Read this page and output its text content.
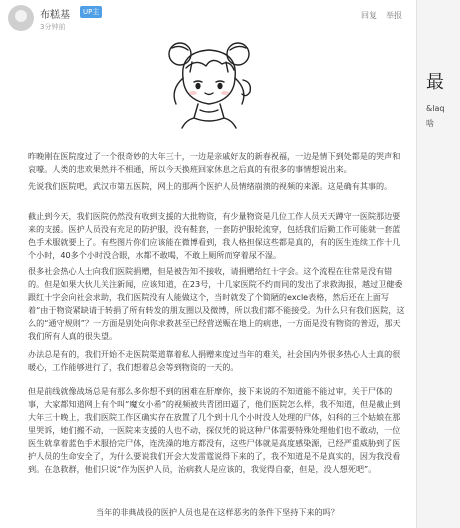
布糕基	UP主
3分钟前
回复 举报

昨晚刚在医院度过了一个很奇妙的大年三十，一边是亲戚好友的新春祝福，一边是情下到处都是的哭声和哀嚎。人类的悲欢果然并不相通，所以今天换班回家休息之后真的有很多的事情想说出来。

先说我们医院吧，武汉市第五医院，网上的那两个医护人员情绪崩溃的视频的来源。这是确有其事的。

截止到今天，我们医院仍然没有收到支援的大批物资，有少量物资是几位工作人员天天蹲守一医院那边要来的支援。医护人员没有充足的防护服，没有鞋套，一套防护服轮流穿，包括我们后勤工作可能就一套蓝色手术服就要上了。有些图片你们应该能在微博看到，我人格担保这些都是真的，有的医生连续工作十几个小时，40多个小时没合眼，水都不敢喝，不敢上厕所而穿着尿不湿。

很多社会热心人士向我们医院捐赠，但是被告知不接收，请捐赠给红十字会。这个流程在往常是没有错的。但是如果大伙儿关注新闻，应该知道，在23号，十几家医院不约而同的发出了求救海报，越过卫健委跟红十字会向社会求助，我们医院没有人能做这个，当时就发了个简陋的excle表格，然后还在上面写着“由于物资紧缺请于转捐了所有转发的朋友圈以及微博，所以我们都不能接受。为什么只有我们医院，这么的“通守规则”？一方面是别处向你求救甚至已经营送赈在地上的病患，一方面是没有物资的普迈，那天我们所有人真的很失望。

办法总是有的，我们开始不走医院渠道靠着私人捐赠来度过当年的难关，社会国内外很多热心人士真的很暖心，工作能够进行了，我们想着总会等到物资的一天的。

但是前线就像战场总是有那么多你想不到的困难在肝摩你，接下来说的不知道能不能过审，关于尸体的事，大家都知道网上有个叫“魔女小希”的视频被共青团田逼了，他们医院怎么样，我不知道，但是截止到大年三十晚上，我们医院工作区确实存在放置了几个到十几个小时没人处理的尸体，妇科的三个姑娘在那里哭诉，她们搬不动，一医院来支援的人也不动，探仅凭的说这种尸体需要特殊处理他们也不敢动，一位医生就拿着蓝色手术服拾完尸体，连洗澡的地方都没有，这些尸体就是高度感染源，已经严重威胁到了医护人员的生命安全了，为什么要说我们开会大发雷霆说得下来的了，我不知道是不是真实的，因为我没看到。在急救群，他们只说“作为医护人员，治病救人是应该的，我觉得自豪，但是，没人想死吧”。

当年的非典战役的医护人员也是在这样恶劣的条件下坚持下来的吗？

最
&laq
啥
